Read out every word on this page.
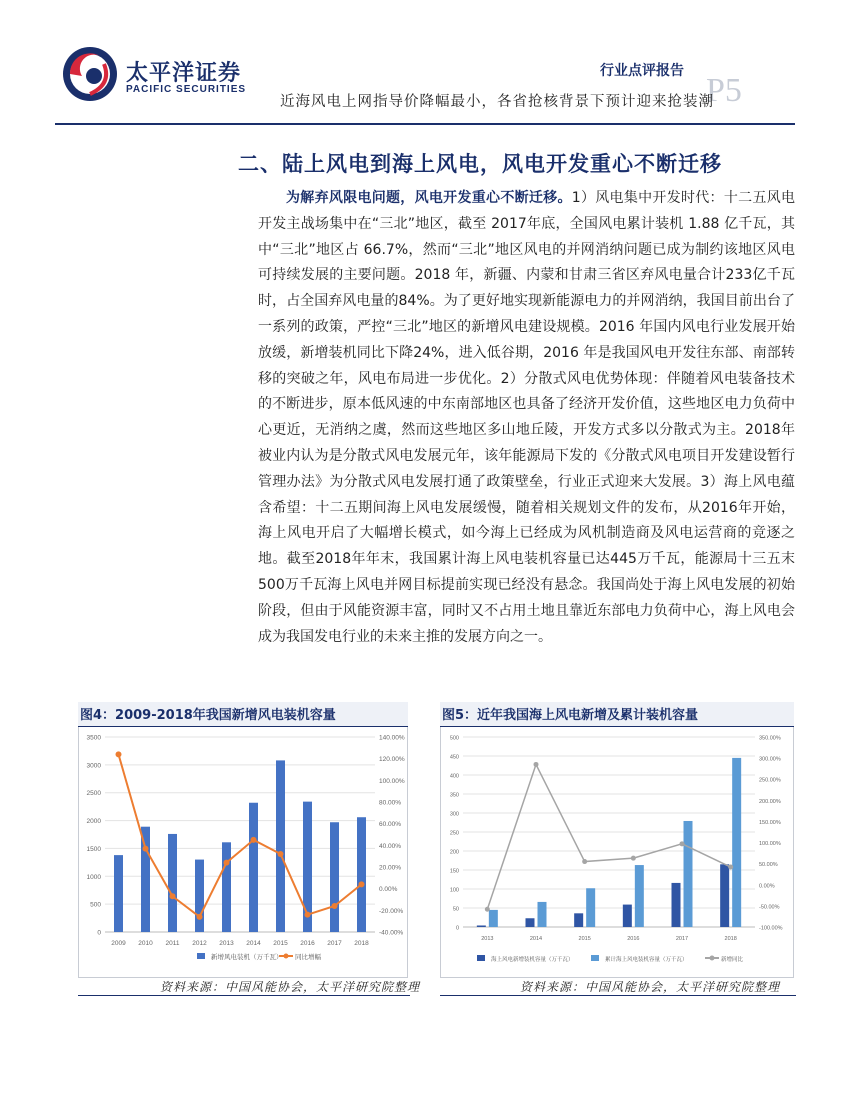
太平洋证券
PACIFIC SECURITIES
行业点评报告
P5
近海风电上网指导价降幅最小，各省抢核背景下预计迎来抢装潮
二、陆上风电到海上风电，风电开发重心不断迁移
为解弃风限电问题，风电开发重心不断迁移。1）风电集中开发时代：十二五风电开发主战场集中在“三北”地区，截至 2017年底，全国风电累计装机 1.88 亿千瓦，其中“三北”地区占 66.7%，然而“三北”地区风电的并网消纳问题已成为制约该地区风电可持续发展的主要问题。2018 年，新疆、内蒙和甘肃三省区弃风电量合计233亿千瓦时，占全国弃风电量的84%。为了更好地实现新能源电力的并网消纳，我国目前出台了一系列的政策，严控“三北”地区的新增风电建设规模。2016 年国内风电行业发展开始放缓，新增装机同比下降24%，进入低谷期，2016 年是我国风电开发往东部、南部转移的突破之年，风电布局进一步优化。2）分散式风电优势体现：伴随着风电装备技术的不断进步，原本低风速的中东南部地区也具备了经济开发价值，这些地区电力负荷中心更近，无消纳之虞，然而这些地区多山地丘陵，开发方式多以分散式为主。2018年被业内认为是分散式风电发展元年，该年能源局下发的《分散式风电项目开发建设暂行管理办法》为分散式风电发展打通了政策壁垒，行业正式迎来大发展。3）海上风电蕴含希望：十二五期间海上风电发展缓慢，随着相关规划文件的发布，从2016年开始，海上风电开启了大幅增长模式，如今海上已经成为风机制造商及风电运营商的竞逐之地。截至2018年年末，我国累计海上风电装机容量已达445万千瓦，能源局十三五末500万千瓦海上风电并网目标提前实现已经没有悬念。我国尚处于海上风电发展的初始阶段，但由于风能资源丰富，同时又不占用土地且靠近东部电力负荷中心，海上风电会成为我国发电行业的未来主推的发展方向之一。
图4：2009-2018年我国新增风电装机容量
0
500
1000
1500
2000
2500
3000
3500
-40.00%
-20.00%
0.00%
20.00%
40.00%
60.00%
80.00%
100.00%
120.00%
140.00%
2009 2010 2011 2012 2013 2014 2015 2016 2017 2018
新增风电装机（万千瓦） 同比增幅
资料来源：中国风能协会，太平洋研究院整理
图5：近年我国海上风电新增及累计装机容量
0
50
100
150
200
250
300
350
400
450
500
-100.00%
-50.00%
0.00%
50.00%
100.00%
150.00%
200.00%
250.00%
300.00%
350.00%
2013	2014	2015	2016	2017	2018
海上风电新增装机容量（万千瓦）	累计海上风电装机容量（万千瓦）	新增同比
资料来源：中国风能协会，太平洋研究院整理
